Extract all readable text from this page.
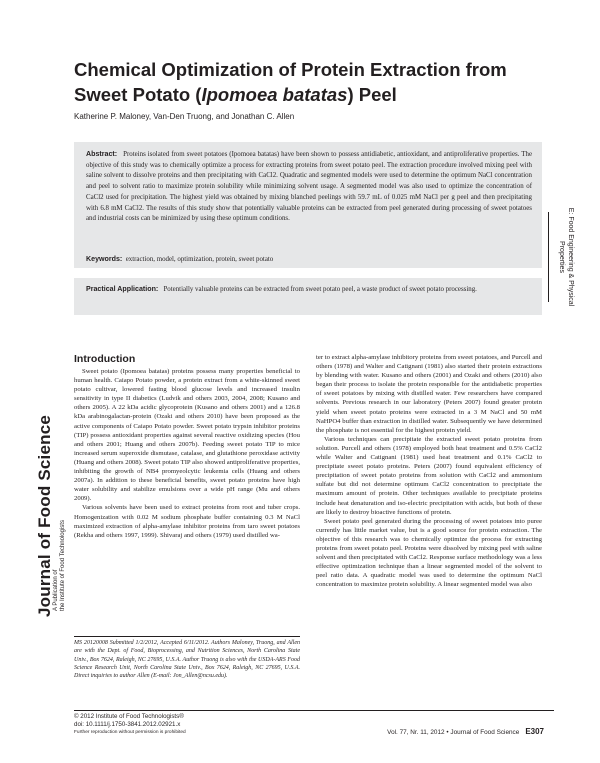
Chemical Optimization of Protein Extraction from Sweet Potato (Ipomoea batatas) Peel
Katherine P. Maloney, Van-Den Truong, and Jonathan C. Allen

Abstract: Proteins isolated from sweet potatoes (Ipomoea batatas) have been shown to possess antidiabetic, antioxidant, and antiproliferative properties. The objective of this study was to chemically optimize a process for extracting proteins from sweet potato peel. The extraction procedure involved mixing peel with saline solvent to dissolve proteins and then precipitating with CaCl2. Quadratic and segmented models were used to determine the optimum NaCl concentration and peel to solvent ratio to maximize protein solubility while minimizing solvent usage. A segmented model was also used to optimize the concentration of CaCl2 used for precipitation. The highest yield was obtained by mixing blanched peelings with 59.7 mL of 0.025 mM NaCl per g peel and then precipitating with 6.8 mM CaCl2. The results of this study show that potentially valuable proteins can be extracted from peel generated during processing of sweet potatoes and industrial costs can be minimized by using these optimum conditions.

Keywords: extraction, model, optimization, protein, sweet potato

Practical Application: Potentially valuable proteins can be extracted from sweet potato peel, a waste product of sweet potato processing.	E: Food Engineering & Physical Properties
Journal of Food Science A Publication of
the Institute of Food Technologists
Introduction

Sweet potato (Ipomoea batatas) proteins possess many properties beneficial to human health. Caiapo Potato powder, a protein extract from a white-skinned sweet potato cultivar, lowered fasting blood glucose levels and increased insulin sensitivity in type II diabetics (Ludvik and others 2003, 2004, 2008; Kusano and others 2005). A 22 kDa acidic glycoprotein (Kusano and others 2001) and a 126.8 kDa arabinogalactan-protein (Ozaki and others 2010) have been proposed as the active components of Caiapo Potato powder. Sweet potato trypsin inhibitor proteins (TIP) possess antioxidant properties against several reactive oxidizing species (Hou and others 2001; Huang and others 2007b). Feeding sweet potato TIP to mice increased serum superoxide dismutase, catalase, and glutathione peroxidase activity (Huang and others 2008). Sweet potato TIP also showed antiproliferative properties, inhibiting the growth of NB4 promyeolcytic leukemia cells (Huang and others 2007a). In addition to these beneficial benefits, sweet potato proteins have high water solubility and stabilize emulsions over a wide pH range (Mu and others 2009).

Various solvents have been used to extract proteins from root and tuber crops. Homogenization with 0.02 M sodium phosphate buffer containing 0.3 M NaCl maximized extraction of alpha-amylase inhibitor proteins from taro sweet potatoes (Rekha and others 1997, 1999). Shivaraj and others (1979) used distilled wa-

ter to extract alpha-amylase inhibitory proteins from sweet potatoes, and Purcell and others (1978) and Walter and Catignani (1981) also started their protein extractions by blending with water. Kusano and others (2001) and Ozaki and others (2010) also began their process to isolate the protein responsible for the antidiabetic properties of sweet potatoes by mixing with distilled water. Few researchers have compared solvents. Previous research in our laboratory (Peters 2007) found greater protein yield when sweet potato proteins were extracted in a 3 M NaCl and 50 mM NaHPO4 buffer than extraction in distilled water. Subsequently we have determined the phosphate is not essential for the highest protein yield.

Various techniques can precipitate the extracted sweet potato proteins from solution. Purcell and others (1978) employed both heat treatment and 0.5% CaCl2 while Walter and Catignani (1981) used heat treatment and 0.1% CaCl2 to precipitate sweet potato proteins. Peters (2007) found equivalent efficiency of precipitation of sweet potato proteins from solution with CaCl2 and ammonium sulfate but did not determine optimum CaCl2 concentration to precipitate the maximum amount of protein. Other techniques available to precipitate proteins include heat denaturation and iso-electric precipitation with acids, but both of these are likely to destroy bioactive functions of protein.

Sweet potato peel generated during the processing of sweet potatoes into puree currently has little market value, but is a good source for protein extraction. The objective of this research was to chemically optimize the process for extracting proteins from sweet potato peel. Proteins were dissolved by mixing peel with saline solvent and then precipitated with CaCl2. Response surface methodology was a less effective optimization technique than a linear segmented model of the solvent to peel ratio data. A quadratic model was used to determine the optimum NaCl concentration to maximize protein solubility. A linear segmented model was also

MS 20120008 Submitted 1/2/2012, Accepted 6/11/2012. Authors Maloney, Truong, and Allen are with the Dept. of Food, Bioprocessing, and Nutrition Sciences, North Carolina State Univ., Box 7624, Raleigh, NC 27695, U.S.A. Author Truong is also with the USDA-ARS Food Science Research Unit, North Carolina State Univ., Box 7624, Raleigh, NC 27695, U.S.A. Direct inquiries to author Allen (E-mail: Jon_Allen@ncsu.edu).

© 2012 Institute of Food Technologists®
doi: 10.1111/j.1750-3841.2012.02921.x
Further reproduction without permission is prohibited	Vol. 77, Nr. 11, 2012 • Journal of Food Science E307
